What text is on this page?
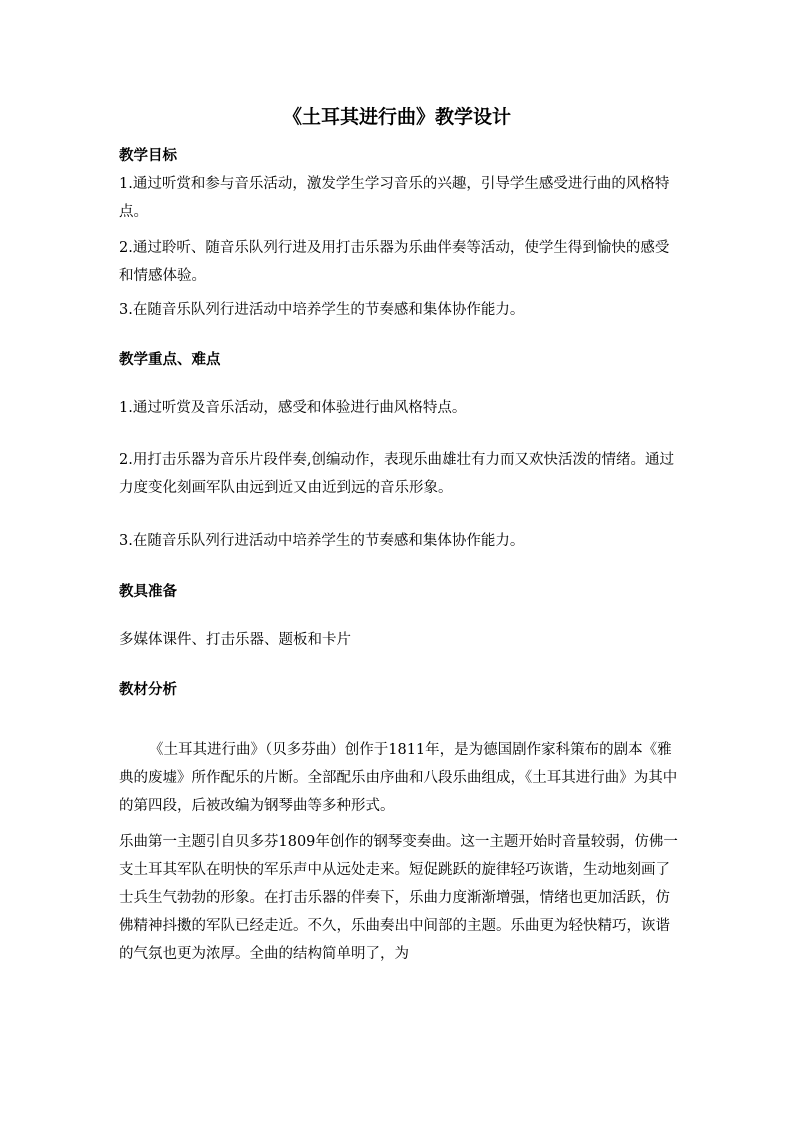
《土耳其进行曲》教学设计
教学目标
1.通过听赏和参与音乐活动，激发学生学习音乐的兴趣，引导学生感受进行曲的风格特点。
2.通过聆听、随音乐队列行进及用打击乐器为乐曲伴奏等活动，使学生得到愉快的感受和情感体验。
3.在随音乐队列行进活动中培养学生的节奏感和集体协作能力。
教学重点、难点
1.通过听赏及音乐活动，感受和体验进行曲风格特点。
2.用打击乐器为音乐片段伴奏,创编动作，表现乐曲雄壮有力而又欢快活泼的情绪。通过力度变化刻画军队由远到近又由近到远的音乐形象。
3.在随音乐队列行进活动中培养学生的节奏感和集体协作能力。
教具准备
多媒体课件、打击乐器、题板和卡片
教材分析
《土耳其进行曲》（贝多芬曲）创作于1811年，是为德国剧作家科策布的剧本《雅典的废墟》所作配乐的片断。全部配乐由序曲和八段乐曲组成，《土耳其进行曲》为其中的第四段，后被改编为钢琴曲等多种形式。
乐曲第一主题引自贝多芬1809年创作的钢琴变奏曲。这一主题开始时音量较弱，仿佛一支土耳其军队在明快的军乐声中从远处走来。短促跳跃的旋律轻巧诙谐，生动地刻画了士兵生气勃勃的形象。在打击乐器的伴奏下，乐曲力度渐渐增强，情绪也更加活跃，仿佛精神抖擞的军队已经走近。不久，乐曲奏出中间部的主题。乐曲更为轻快精巧，诙谐的气氛也更为浓厚。全曲的结构简单明了，为
